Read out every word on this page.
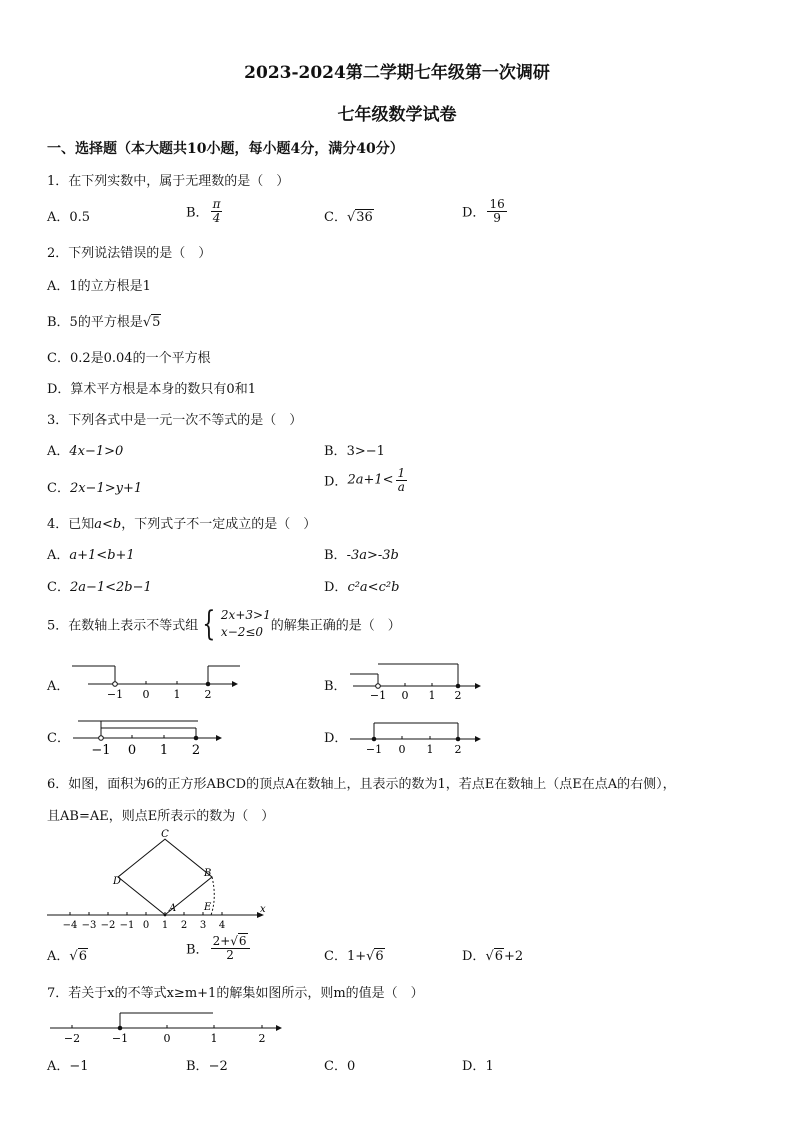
2023-2024第二学期七年级第一次调研
七年级数学试卷
一、选择题（本大题共10小题，每小题4分，满分40分）
1．在下列实数中，属于无理数的是（　）
A．0.5	B． $\frac{\pi}{4}$	C．√36	D． $\frac{16}{9}$
2．下列说法错误的是（　）
A．1的立方根是1
B．5的平方根是√5
C．0.2是0.04的一个平方根
D．算术平方根是本身的数只有0和1
3．下列各式中是一元一次不等式的是（　）
A．4x−1>0	B．3>−1
C．2x−1>y+1	D．$2a+1< \frac{1}{a}$
4．已知a<b，下列式子不一定成立的是（　）
A．a+1<b+1	B．-3a>-3b
C．2a−1<2b−1	D．c²a<c²b
5．在数轴上表示不等式组 { 2x+3>1
x−2≤0 的解集正确的是（　）
A．
−1 0 1 2
B．
−1 0 1 2
C．
−1 0 1 2
D．
−1 0 1 2
6．如图，面积为6的正方形ABCD的顶点A在数轴上，且表示的数为1，若点E在数轴上（点E在点A的右侧），
且AB=AE，则点E所表示的数为（　）
C
D
B
A	E	x
−4 −3 −2 −1 0 1 2 3 4
A．√6	B． $\frac{2+√6}{2}$	C．1+√6	D．√6+2
7．若关于x的不等式x≥m+1的解集如图所示，则m的值是（　）
−2	−1	0	1	2
A．−1	B．−2	C．0	D．1
